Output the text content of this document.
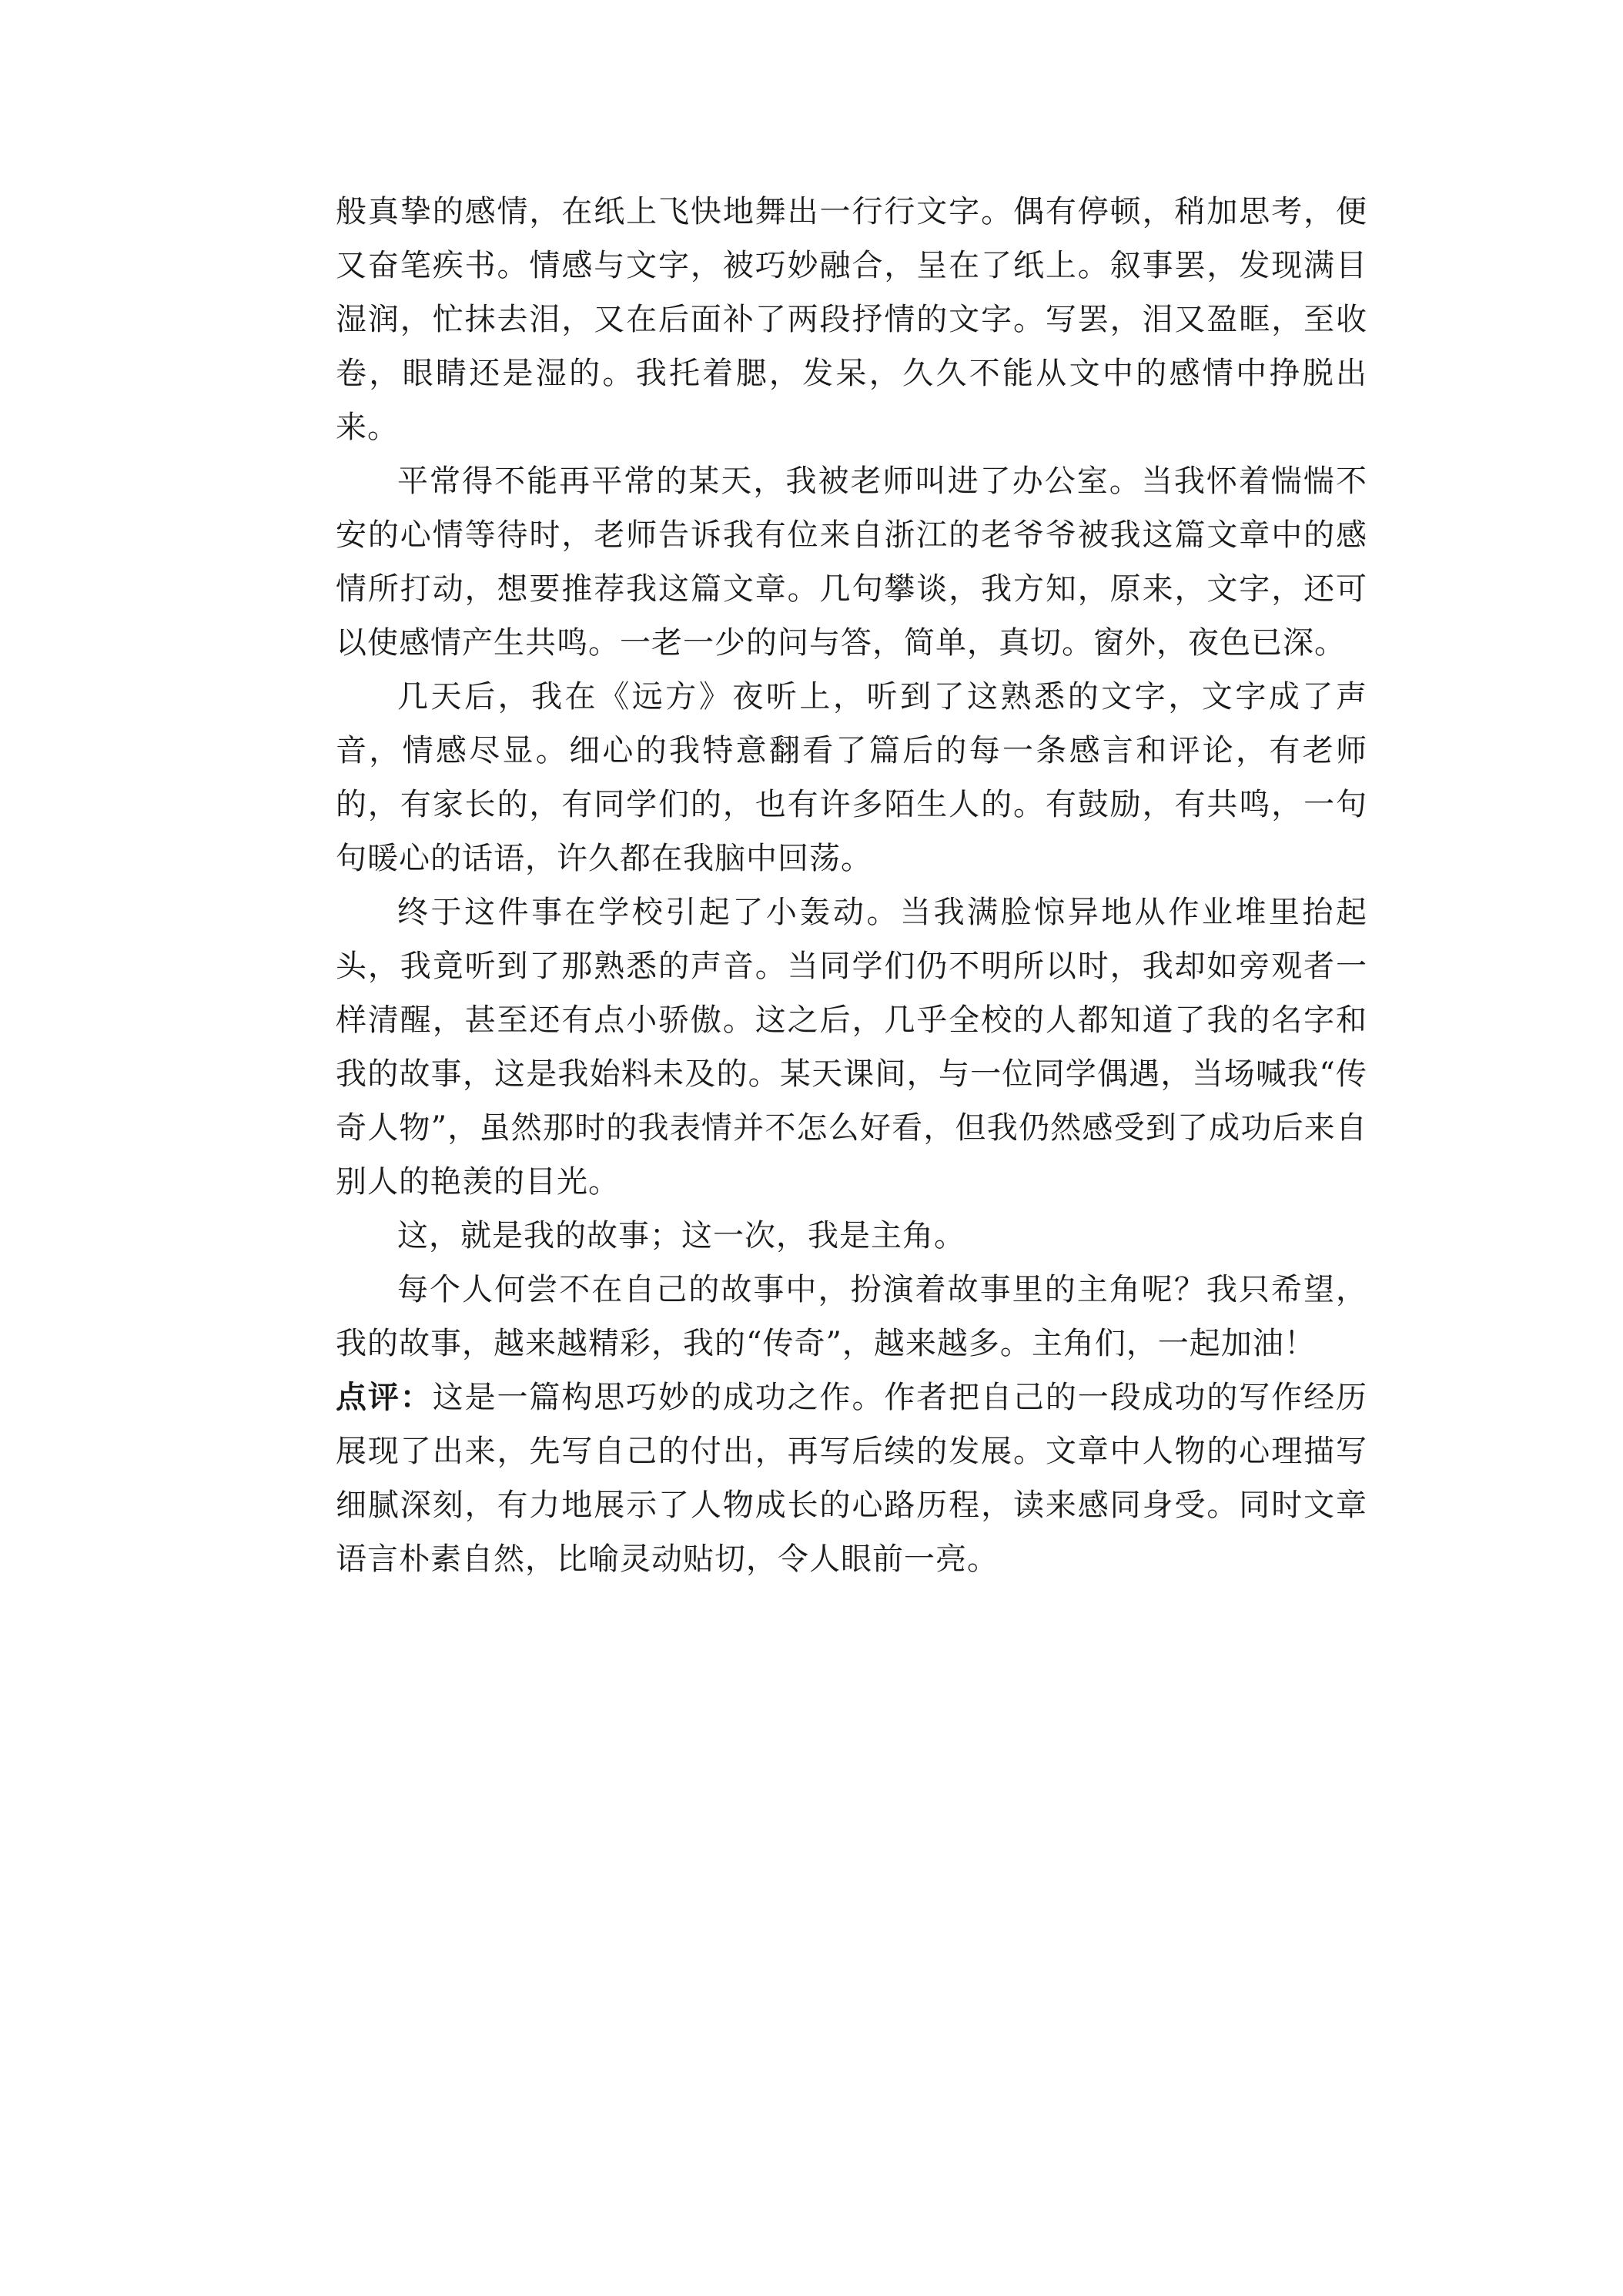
般真挚的感情，在纸上飞快地舞出一行行文字。偶有停顿，稍加思考，便又奋笔疾书。情感与文字，被巧妙融合，呈在了纸上。叙事罢，发现满目湿润，忙抹去泪，又在后面补了两段抒情的文字。写罢，泪又盈眶，至收卷，眼睛还是湿的。我托着腮，发呆，久久不能从文中的感情中挣脱出来。

平常得不能再平常的某天，我被老师叫进了办公室。当我怀着惴惴不安的心情等待时，老师告诉我有位来自浙江的老爷爷被我这篇文章中的感情所打动，想要推荐我这篇文章。几句攀谈，我方知，原来，文字，还可以使感情产生共鸣。一老一少的问与答，简单，真切。窗外，夜色已深。

几天后，我在《远方》夜听上，听到了这熟悉的文字，文字成了声音，情感尽显。细心的我特意翻看了篇后的每一条感言和评论，有老师的，有家长的，有同学们的，也有许多陌生人的。有鼓励，有共鸣，一句句暖心的话语，许久都在我脑中回荡。

终于这件事在学校引起了小轰动。当我满脸惊异地从作业堆里抬起头，我竟听到了那熟悉的声音。当同学们仍不明所以时，我却如旁观者一样清醒，甚至还有点小骄傲。这之后，几乎全校的人都知道了我的名字和我的故事，这是我始料未及的。某天课间，与一位同学偶遇，当场喊我“传奇人物”，虽然那时的我表情并不怎么好看，但我仍然感受到了成功后来自别人的艳羡的目光。

这，就是我的故事；这一次，我是主角。

每个人何尝不在自己的故事中，扮演着故事里的主角呢？我只希望，我的故事，越来越精彩，我的“传奇”，越来越多。主角们，一起加油！

点评：这是一篇构思巧妙的成功之作。作者把自己的一段成功的写作经历展现了出来，先写自己的付出，再写后续的发展。文章中人物的心理描写细腻深刻，有力地展示了人物成长的心路历程，读来感同身受。同时文章语言朴素自然，比喻灵动贴切，令人眼前一亮。
